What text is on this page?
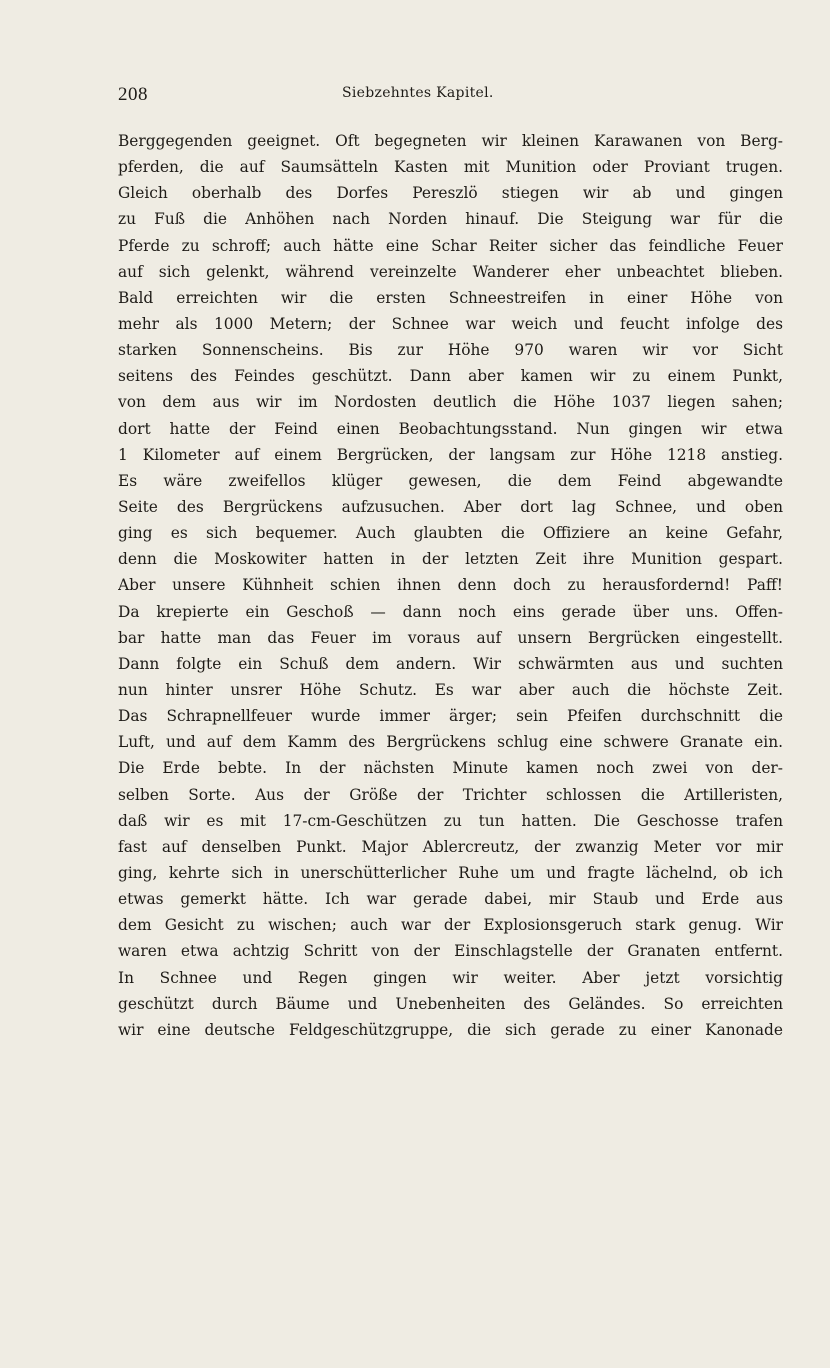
208	Siebzehntes Kapitel.
Berggegenden geeignet. Oft begegneten wir kleinen Karawanen von Berg-
pferden, die auf Saumsätteln Kasten mit Munition oder Proviant trugen.
Gleich oberhalb des Dorfes Pereszlö stiegen wir ab und gingen
zu Fuß die Anhöhen nach Norden hinauf. Die Steigung war für die
Pferde zu schroff; auch hätte eine Schar Reiter sicher das feindliche Feuer
auf sich gelenkt, während vereinzelte Wanderer eher unbeachtet blieben.
Bald erreichten wir die ersten Schneestreifen in einer Höhe von
mehr als 1000 Metern; der Schnee war weich und feucht infolge des
starken Sonnenscheins. Bis zur Höhe 970 waren wir vor Sicht
seitens des Feindes geschützt. Dann aber kamen wir zu einem Punkt,
von dem aus wir im Nordosten deutlich die Höhe 1037 liegen sahen;
dort hatte der Feind einen Beobachtungsstand. Nun gingen wir etwa
1 Kilometer auf einem Bergrücken, der langsam zur Höhe 1218 anstieg.
Es wäre zweifellos klüger gewesen, die dem Feind abgewandte
Seite des Bergrückens aufzusuchen. Aber dort lag Schnee, und oben
ging es sich bequemer. Auch glaubten die Offiziere an keine Gefahr,
denn die Moskowiter hatten in der letzten Zeit ihre Munition gespart.
Aber unsere Kühnheit schien ihnen denn doch zu herausfordernd! Paff!
Da krepierte ein Geschoß — dann noch eins gerade über uns. Offen-
bar hatte man das Feuer im voraus auf unsern Bergrücken eingestellt.
Dann folgte ein Schuß dem andern. Wir schwärmten aus und suchten
nun hinter unsrer Höhe Schutz. Es war aber auch die höchste Zeit.
Das Schrapnellfeuer wurde immer ärger; sein Pfeifen durchschnitt die
Luft, und auf dem Kamm des Bergrückens schlug eine schwere Granate ein.
Die Erde bebte. In der nächsten Minute kamen noch zwei von der-
selben Sorte. Aus der Größe der Trichter schlossen die Artilleristen,
daß wir es mit 17-cm-Geschützen zu tun hatten. Die Geschosse trafen
fast auf denselben Punkt. Major Ablercreutz, der zwanzig Meter vor mir
ging, kehrte sich in unerschütterlicher Ruhe um und fragte lächelnd, ob ich
etwas gemerkt hätte. Ich war gerade dabei, mir Staub und Erde aus
dem Gesicht zu wischen; auch war der Explosionsgeruch stark genug. Wir
waren etwa achtzig Schritt von der Einschlagstelle der Granaten entfernt.
In Schnee und Regen gingen wir weiter. Aber jetzt vorsichtig
geschützt durch Bäume und Unebenheiten des Geländes. So erreichten
wir eine deutsche Feldgeschützgruppe, die sich gerade zu einer Kanonade
